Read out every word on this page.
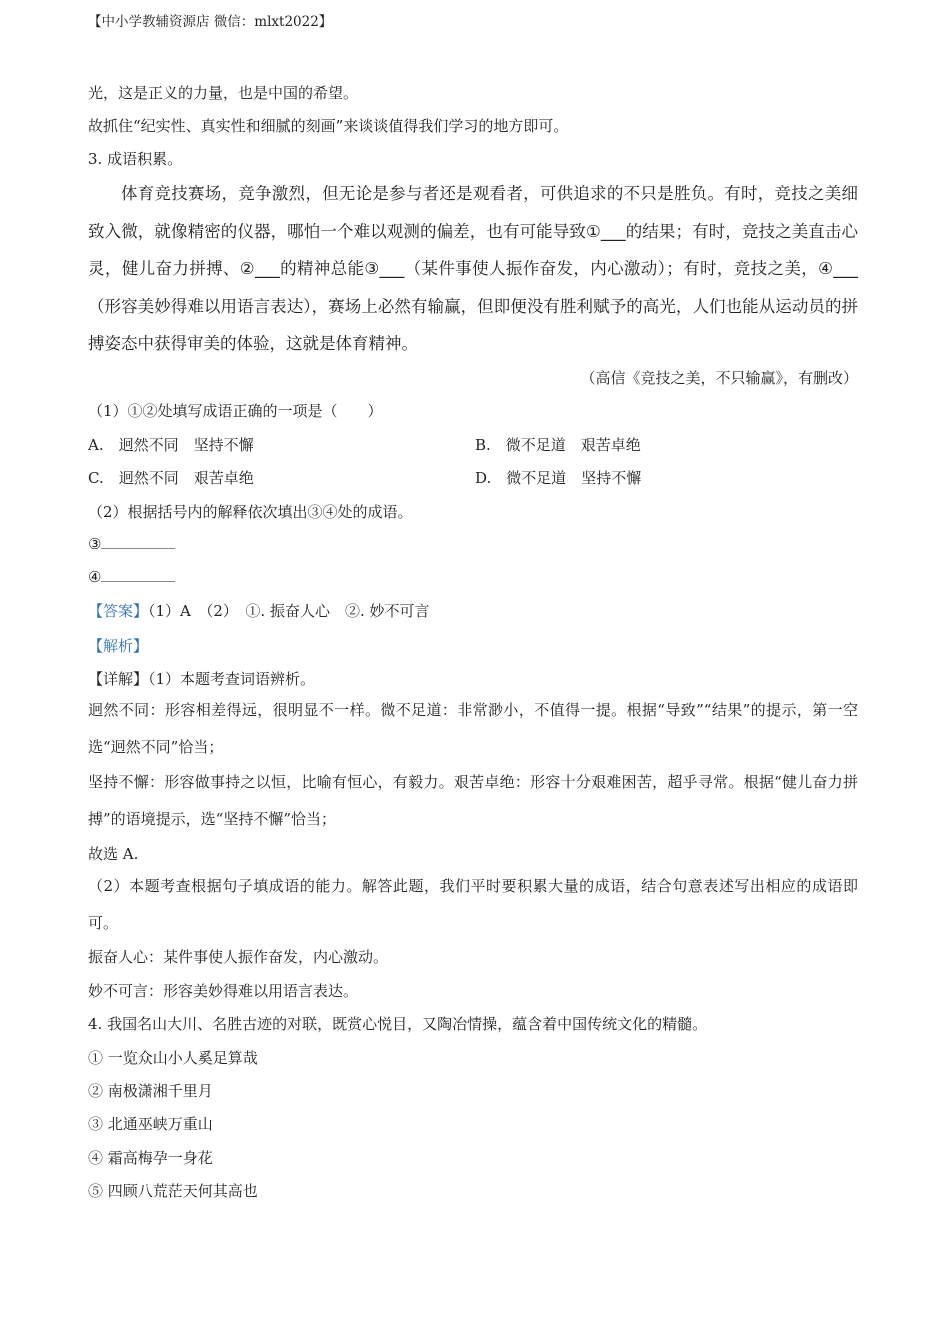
【中小学教辅资源店 微信：mlxt2022】
光，这是正义的力量，也是中国的希望。
故抓住“纪实性、真实性和细腻的刻画”来谈谈值得我们学习的地方即可。
3. 成语积累。

体育竞技赛场，竞争激烈，但无论是参与者还是观看者，可供追求的不只是胜负。有时，竞技之美细致入微，就像精密的仪器，哪怕一个难以观测的偏差，也有可能导致①___的结果；有时，竞技之美直击心灵，健儿奋力拼搏、②___的精神总能③___（某件事使人振作奋发，内心激动）；有时，竞技之美，④___（形容美妙得难以用语言表达），赛场上必然有输赢，但即便没有胜利赋予的高光，人们也能从运动员的拼搏姿态中获得审美的体验，这就是体育精神。

（高信《竞技之美，不只输赢》，有删改）
（1）①②处填写成语正确的一项是（　　）
A.　迥然不同　坚持不懈	B.　微不足道　艰苦卓绝
C.　迥然不同　艰苦卓绝	D.　微不足道　坚持不懈
（2）根据括号内的解释依次填出③④处的成语。
③
④
【答案】（1）A　（2）　①. 振奋人心　②. 妙不可言
【解析】
【详解】（1）本题考查词语辨析。

迥然不同：形容相差得远，很明显不一样。微不足道：非常渺小，不值得一提。根据“导致”“结果”的提示，第一空选“迥然不同”恰当；

坚持不懈：形容做事持之以恒，比喻有恒心，有毅力。艰苦卓绝：形容十分艰难困苦，超乎寻常。根据“健儿奋力拼搏”的语境提示，选“坚持不懈”恰当；

故选 A.

（2）本题考查根据句子填成语的能力。解答此题，我们平时要积累大量的成语，结合句意表述写出相应的成语即可。

振奋人心：某件事使人振作奋发，内心激动。
妙不可言：形容美妙得难以用语言表达。
4. 我国名山大川、名胜古迹的对联，既赏心悦目，又陶冶情操，蕴含着中国传统文化的精髓。
① 一览众山小人奚足算哉
② 南极潇湘千里月
③ 北通巫峡万重山
④ 霜高梅孕一身花
⑤ 四顾八荒茫天何其高也
